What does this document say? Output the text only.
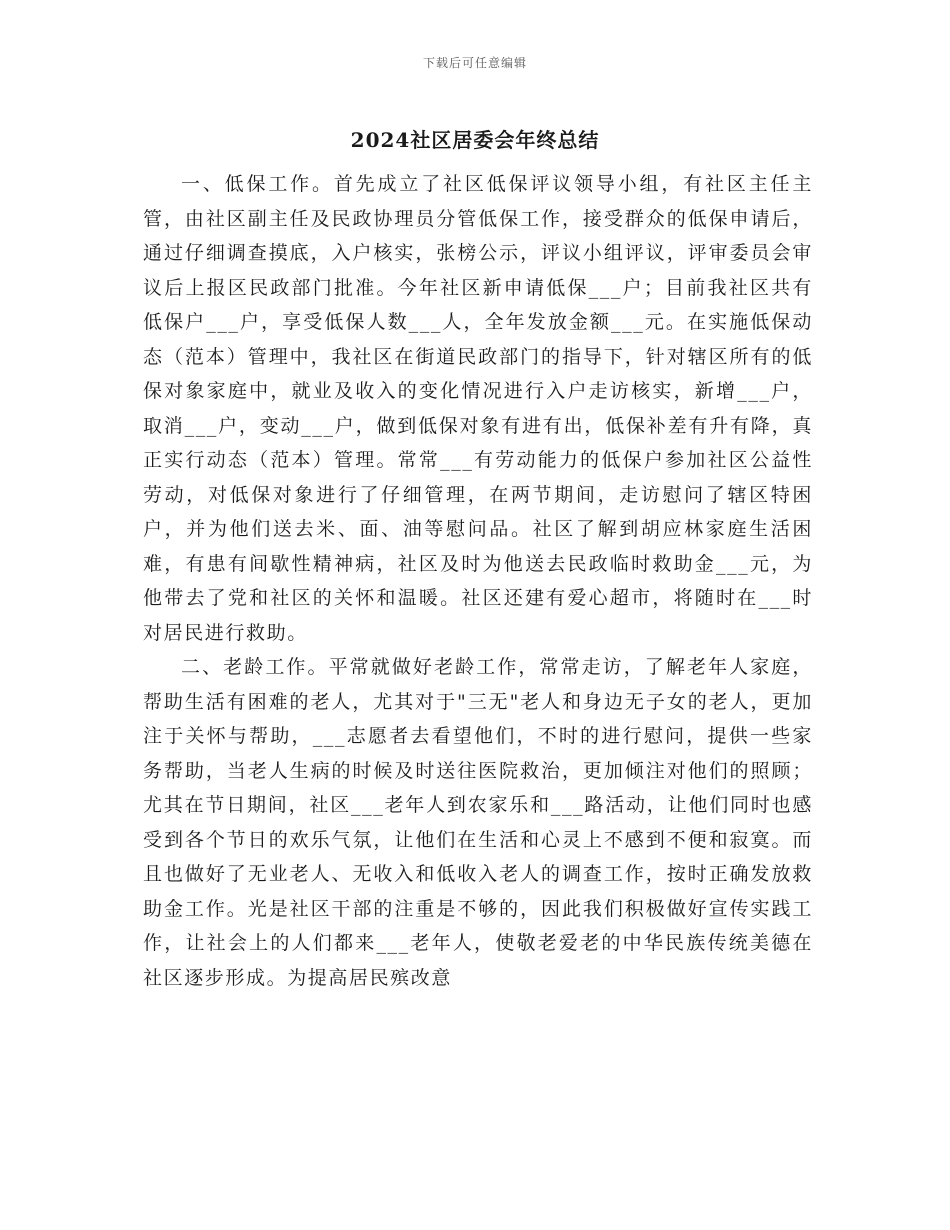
下载后可任意编辑
2024社区居委会年终总结

一、低保工作。首先成立了社区低保评议领导小组，有社区主任主管，由社区副主任及民政协理员分管低保工作，接受群众的低保申请后，通过仔细调查摸底，入户核实，张榜公示，评议小组评议，评审委员会审议后上报区民政部门批准。今年社区新申请低保___户；目前我社区共有低保户___户，享受低保人数___人，全年发放金额___元。在实施低保动态（范本）管理中，我社区在街道民政部门的指导下，针对辖区所有的低保对象家庭中，就业及收入的变化情况进行入户走访核实，新增___户，取消___户，变动___户，做到低保对象有进有出，低保补差有升有降，真正实行动态（范本）管理。常常___有劳动能力的低保户参加社区公益性劳动，对低保对象进行了仔细管理，在两节期间，走访慰问了辖区特困户，并为他们送去米、面、油等慰问品。社区了解到胡应林家庭生活困难，有患有间歇性精神病，社区及时为他送去民政临时救助金___元，为他带去了党和社区的关怀和温暖。社区还建有爱心超市，将随时在___时对居民进行救助。

二、老龄工作。平常就做好老龄工作，常常走访，了解老年人家庭，帮助生活有困难的老人，尤其对于"三无"老人和身边无子女的老人，更加注于关怀与帮助，___志愿者去看望他们，不时的进行慰问，提供一些家务帮助，当老人生病的时候及时送往医院救治，更加倾注对他们的照顾；尤其在节日期间，社区___老年人到农家乐和___路活动，让他们同时也感受到各个节日的欢乐气氛，让他们在生活和心灵上不感到不便和寂寞。而且也做好了无业老人、无收入和低收入老人的调查工作，按时正确发放救助金工作。光是社区干部的注重是不够的，因此我们积极做好宣传实践工作，让社会上的人们都来___老年人，使敬老爱老的中华民族传统美德在社区逐步形成。为提高居民殡改意
